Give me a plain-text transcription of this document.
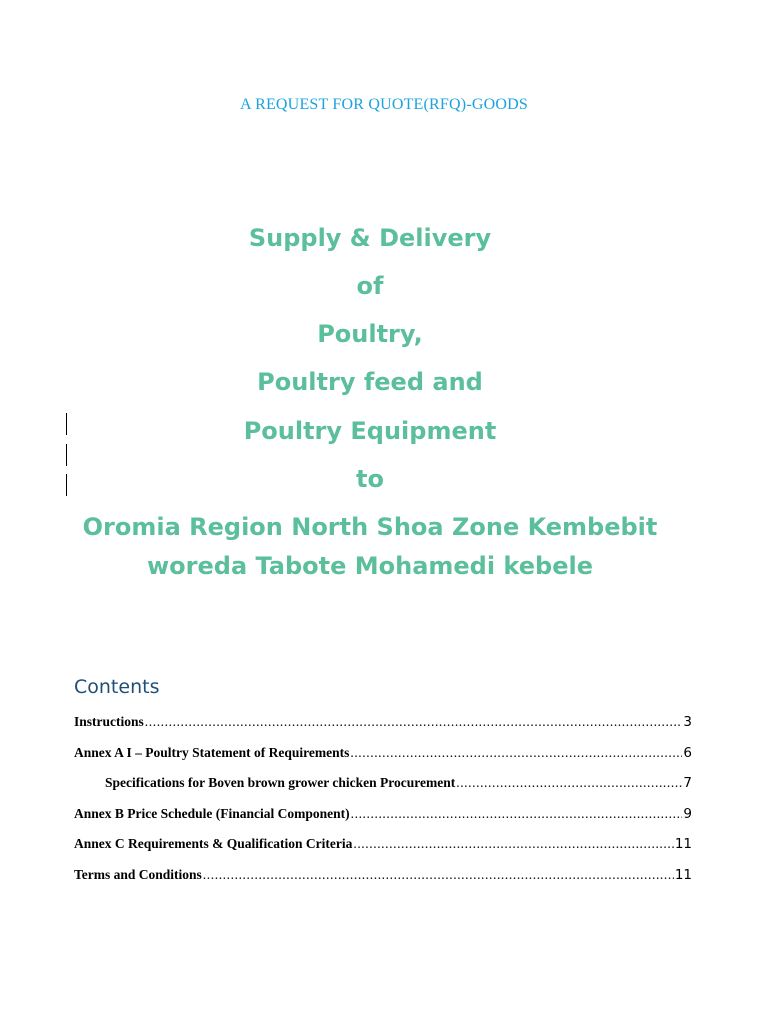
A REQUEST FOR QUOTE(RFQ)-GOODS
Supply & Delivery
of
Poultry,
Poultry feed and
Poultry Equipment
to
Oromia Region North Shoa Zone Kembebit
woreda Tabote Mohamedi kebele
Contents
Instructions .....	3
Annex A I – Poultry Statement of Requirements .....	6
Specifications for Boven brown grower chicken Procurement .....	7
Annex B Price Schedule (Financial Component) .....	9
Annex C Requirements & Qualification Criteria .....	11
Terms and Conditions .....	11
